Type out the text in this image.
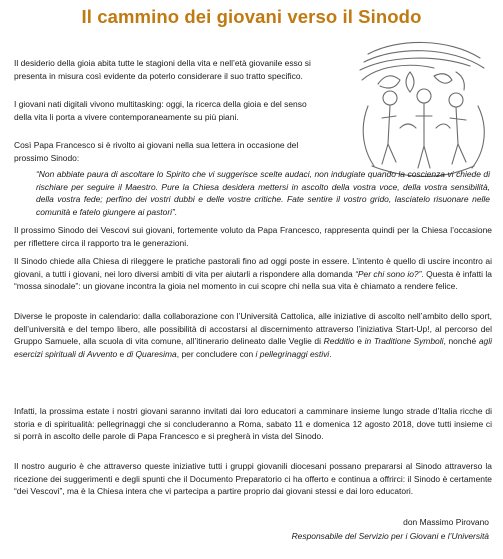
Il cammino dei giovani verso il Sinodo

Il desiderio della gioia abita tutte le stagioni della vita e nell’età giovanile esso si presenta in misura così evidente da poterlo considerare il suo tratto specifico.

I giovani nati digitali vivono multitasking: oggi, la ricerca della gioia e del senso della vita li porta a vivere contemporaneamente su più piani.

Così Papa Francesco si è rivolto ai giovani nella sua lettera in occasione del prossimo Sinodo:

“Non abbiate paura di ascoltare lo Spirito che vi suggerisce scelte audaci, non indugiate quando la coscienza vi chiede di rischiare per seguire il Maestro. Pure la Chiesa desidera mettersi in ascolto della vostra voce, della vostra sensibilità, della vostra fede; perfino dei vostri dubbi e delle vostre critiche. Fate sentire il vostro grido, lasciatelo risuonare nelle comunità e fatelo giungere ai pastori”.

Il prossimo Sinodo dei Vescovi sui giovani, fortemente voluto da Papa Francesco, rappresenta quindi per la Chiesa l’occasione per riflettere circa il rapporto tra le generazioni.

Il Sinodo chiede alla Chiesa di rileggere le pratiche pastorali fino ad oggi poste in essere. L’intento è quello di uscire incontro ai giovani, a tutti i giovani, nei loro diversi ambiti di vita per aiutarli a rispondere alla domanda “Per chi sono io?”. Questa è infatti la “mossa sinodale”: un giovane incontra la gioia nel momento in cui scopre chi nella sua vita è chiamato a rendere felice.

Diverse le proposte in calendario: dalla collaborazione con l’Università Cattolica, alle iniziative di ascolto nell’ambito dello sport, dell’università e del tempo libero, alle possibilità di accostarsi al discernimento attraverso l’iniziativa Start-Up!, al percorso del Gruppo Samuele, alla scuola di vita comune, all’itinerario delineato dalle Veglie di Redditio e in Traditione Symboli, nonché agli esercizi spirituali di Avvento e di Quaresima, per concludere con i pellegrinaggi estivi.

Infatti, la prossima estate i nostri giovani saranno invitati dai loro educatori a camminare insieme lungo strade d’Italia ricche di storia e di spiritualità: pellegrinaggi che si concluderanno a Roma, sabato 11 e domenica 12 agosto 2018, dove tutti insieme ci si porrà in ascolto delle parole di Papa Francesco e si pregherà in vista del Sinodo.

Il nostro augurio è che attraverso queste iniziative tutti i gruppi giovanili diocesani possano prepararsi al Sinodo attraverso la ricezione dei suggerimenti e degli spunti che il Documento Preparatorio ci ha offerto e continua a offrirci: il Sinodo è certamente “dei Vescovi”, ma è la Chiesa intera che vi partecipa a partire proprio dai giovani stessi e dai loro educatori.

don Massimo Pirovano

Responsabile del Servizio per i Giovani e l’Università
